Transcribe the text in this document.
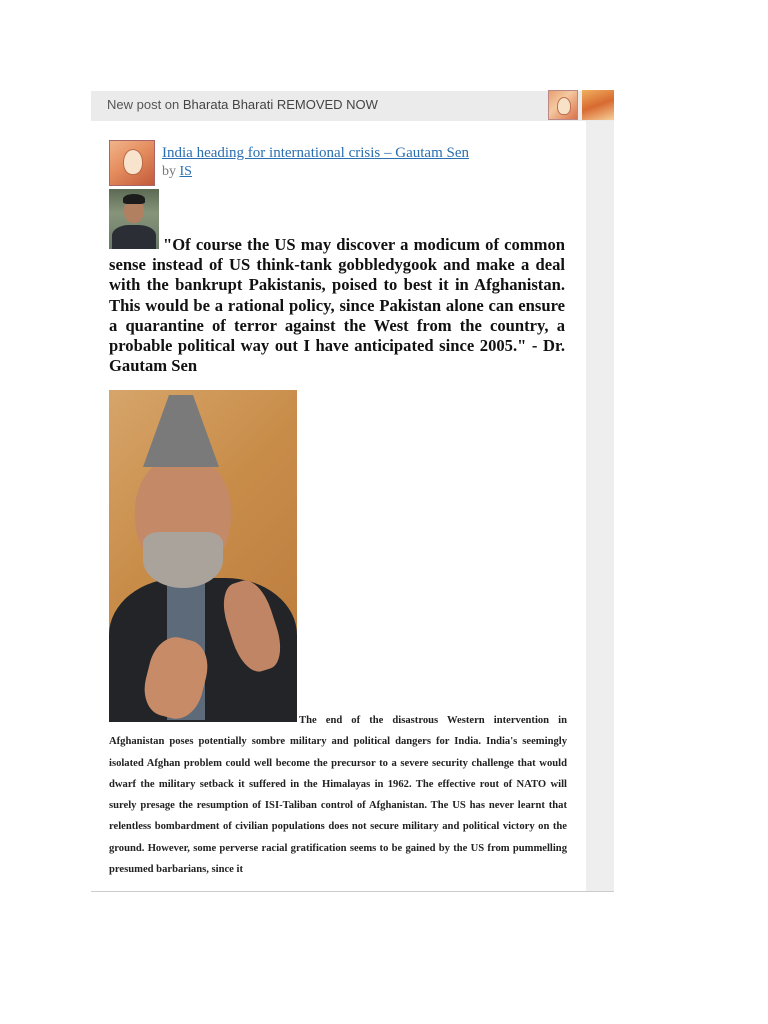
New post on Bharata Bharati REMOVED NOW
India heading for international crisis – Gautam Sen
by IS
"Of course the US may discover a modicum of common sense instead of US think-tank gobbledygook and make a deal with the bankrupt Pakistanis, poised to best it in Afghanistan. This would be a rational policy, since Pakistan alone can ensure a quarantine of terror against the West from the country, a probable political way out I have anticipated since 2005." - Dr. Gautam Sen
The end of the disastrous Western intervention in Afghanistan poses potentially sombre military and political dangers for India. India's seemingly isolated Afghan problem could well become the precursor to a severe security challenge that would dwarf the military setback it suffered in the Himalayas in 1962. The effective rout of NATO will surely presage the resumption of ISI-Taliban control of Afghanistan. The US has never learnt that relentless bombardment of civilian populations does not secure military and political victory on the ground. However, some perverse racial gratification seems to be gained by the US from pummelling presumed barbarians, since it
